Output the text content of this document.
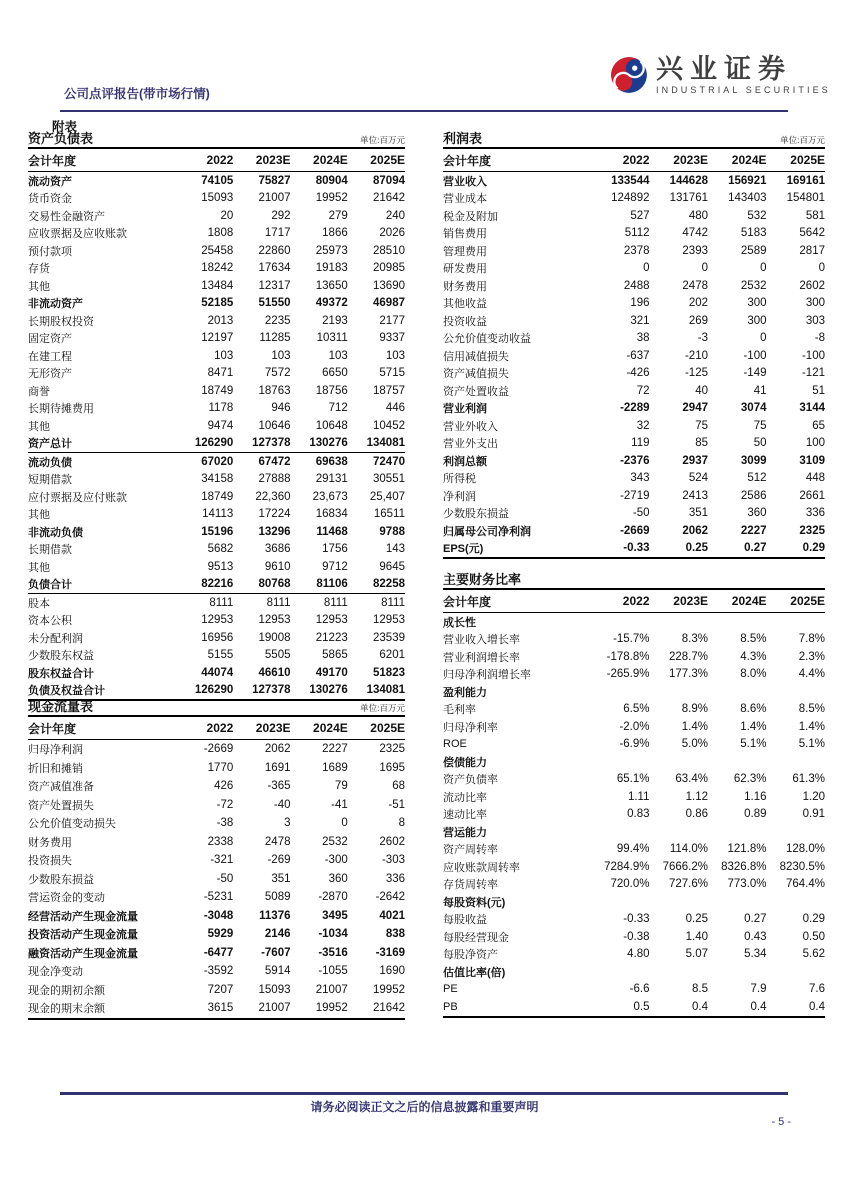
公司点评报告(带市场行情)
兴业证券
INDUSTRIAL SECURITIES
附表
资产负债表	单位:百万元
会计年度	2022	2023E	2024E	2025E
流动资产	74105	75827	80904	87094
货币资金	15093	21007	19952	21642
交易性金融资产	20	292	279	240
应收票据及应收账款	1808	1717	1866	2026
预付款项	25458	22860	25973	28510
存货	18242	17634	19183	20985
其他	13484	12317	13650	13690
非流动资产	52185	51550	49372	46987
长期股权投资	2013	2235	2193	2177
固定资产	12197	11285	10311	9337
在建工程	103	103	103	103
无形资产	8471	7572	6650	5715
商誉	18749	18763	18756	18757
长期待摊费用	1178	946	712	446
其他	9474	10646	10648	10452
资产总计	126290	127378	130276	134081
流动负债	67020	67472	69638	72470
短期借款	34158	27888	29131	30551
应付票据及应付账款	18749	22,360	23,673	25,407
其他	14113	17224	16834	16511
非流动负债	15196	13296	11468	9788
长期借款	5682	3686	1756	143
其他	9513	9610	9712	9645
负债合计	82216	80768	81106	82258
股本	8111	8111	8111	8111
资本公积	12953	12953	12953	12953
未分配利润	16956	19008	21223	23539
少数股东权益	5155	5505	5865	6201
股东权益合计	44074	46610	49170	51823
负债及权益合计	126290	127378	130276	134081
利润表	单位:百万元
会计年度	2022	2023E	2024E	2025E
营业收入	133544	144628	156921	169161
营业成本	124892	131761	143403	154801
税金及附加	527	480	532	581
销售费用	5112	4742	5183	5642
管理费用	2378	2393	2589	2817
研发费用	0	0	0	0
财务费用	2488	2478	2532	2602
其他收益	196	202	300	300
投资收益	321	269	300	303
公允价值变动收益	38	-3	0	-8
信用减值损失	-637	-210	-100	-100
资产减值损失	-426	-125	-149	-121
资产处置收益	72	40	41	51
营业利润	-2289	2947	3074	3144
营业外收入	32	75	75	65
营业外支出	119	85	50	100
利润总额	-2376	2937	3099	3109
所得税	343	524	512	448
净利润	-2719	2413	2586	2661
少数股东损益	-50	351	360	336
归属母公司净利润	-2669	2062	2227	2325
EPS(元)	-0.33	0.25	0.27	0.29
主要财务比率
会计年度	2022	2023E	2024E	2025E
成长性				
营业收入增长率	-15.7%	8.3%	8.5%	7.8%
营业利润增长率	-178.8%	228.7%	4.3%	2.3%
归母净利润增长率	-265.9%	177.3%	8.0%	4.4%
盈利能力				
毛利率	6.5%	8.9%	8.6%	8.5%
归母净利率	-2.0%	1.4%	1.4%	1.4%
ROE	-6.9%	5.0%	5.1%	5.1%
偿债能力				
资产负债率	65.1%	63.4%	62.3%	61.3%
流动比率	1.11	1.12	1.16	1.20
速动比率	0.83	0.86	0.89	0.91
营运能力				
资产周转率	99.4%	114.0%	121.8%	128.0%
应收账款周转率	7284.9%	7666.2%	8326.8%	8230.5%
存货周转率	720.0%	727.6%	773.0%	764.4%
每股资料(元)				
每股收益	-0.33	0.25	0.27	0.29
每股经营现金	-0.38	1.40	0.43	0.50
每股净资产	4.80	5.07	5.34	5.62
估值比率(倍)				
PE	-6.6	8.5	7.9	7.6
PB	0.5	0.4	0.4	0.4
现金流量表	单位:百万元
会计年度	2022	2023E	2024E	2025E
归母净利润	-2669	2062	2227	2325
折旧和摊销	1770	1691	1689	1695
资产减值准备	426	-365	79	68
资产处置损失	-72	-40	-41	-51
公允价值变动损失	-38	3	0	8
财务费用	2338	2478	2532	2602
投资损失	-321	-269	-300	-303
少数股东损益	-50	351	360	336
营运资金的变动	-5231	5089	-2870	-2642
经营活动产生现金流量	-3048	11376	3495	4021
投资活动产生现金流量	5929	2146	-1034	838
融资活动产生现金流量	-6477	-7607	-3516	-3169
现金净变动	-3592	5914	-1055	1690
现金的期初余额	7207	15093	21007	19952
现金的期末余额	3615	21007	19952	21642
请务必阅读正文之后的信息披露和重要声明
- 5 -
